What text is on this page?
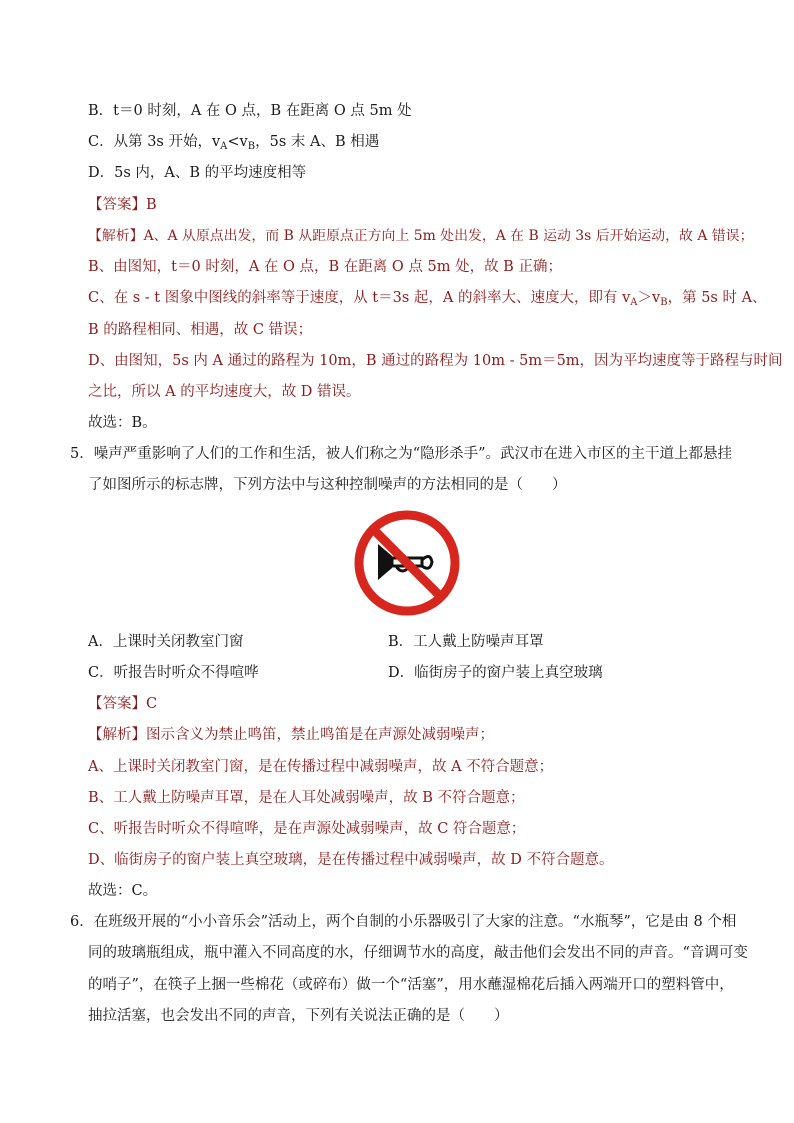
B．t＝0 时刻，A 在 O 点，B 在距离 O 点 5m 处
C．从第 3s 开始，$v_A<v_B$，5s 末 A、B 相遇
D．5s 内，A、B 的平均速度相等
【答案】B
【解析】A、A 从原点出发，而 B 从距原点正方向上 5m 处出发，A 在 B 运动 3s 后开始运动，故 A 错误；
B、由图知，t＝0 时刻，A 在 O 点，B 在距离 O 点 5m 处，故 B 正确；
C、在 s - t 图象中图线的斜率等于速度，从 t＝3s 起，A 的斜率大、速度大，即有 $v_A>v_B$，第 5s 时 A、
B 的路程相同、相遇，故 C 错误；
D、由图知，5s 内 A 通过的路程为 10m，B 通过的路程为 10m - 5m＝5m，因为平均速度等于路程与时间
之比，所以 A 的平均速度大，故 D 错误。
故选：B。
5．噪声严重影响了人们的工作和生活，被人们称之为“隐形杀手”。武汉市在进入市区的主干道上都悬挂
了如图所示的标志牌，下列方法中与这种控制噪声的方法相同的是（　　）
A．上课时关闭教室门窗	B．工人戴上防噪声耳罩
C．听报告时听众不得喧哗	D．临街房子的窗户装上真空玻璃
【答案】C
【解析】图示含义为禁止鸣笛，禁止鸣笛是在声源处减弱噪声；
A、上课时关闭教室门窗，是在传播过程中减弱噪声，故 A 不符合题意；
B、工人戴上防噪声耳罩，是在人耳处减弱噪声，故 B 不符合题意；
C、听报告时听众不得喧哗，是在声源处减弱噪声，故 C 符合题意；
D、临街房子的窗户装上真空玻璃，是在传播过程中减弱噪声，故 D 不符合题意。
故选：C。
6．在班级开展的“小小音乐会”活动上，两个自制的小乐器吸引了大家的注意。“水瓶琴”，它是由 8 个相
同的玻璃瓶组成，瓶中灌入不同高度的水，仔细调节水的高度，敲击他们会发出不同的声音。“音调可变
的哨子”，在筷子上捆一些棉花（或碎布）做一个“活塞”，用水蘸湿棉花后插入两端开口的塑料管中，
抽拉活塞，也会发出不同的声音，下列有关说法正确的是（　　）
